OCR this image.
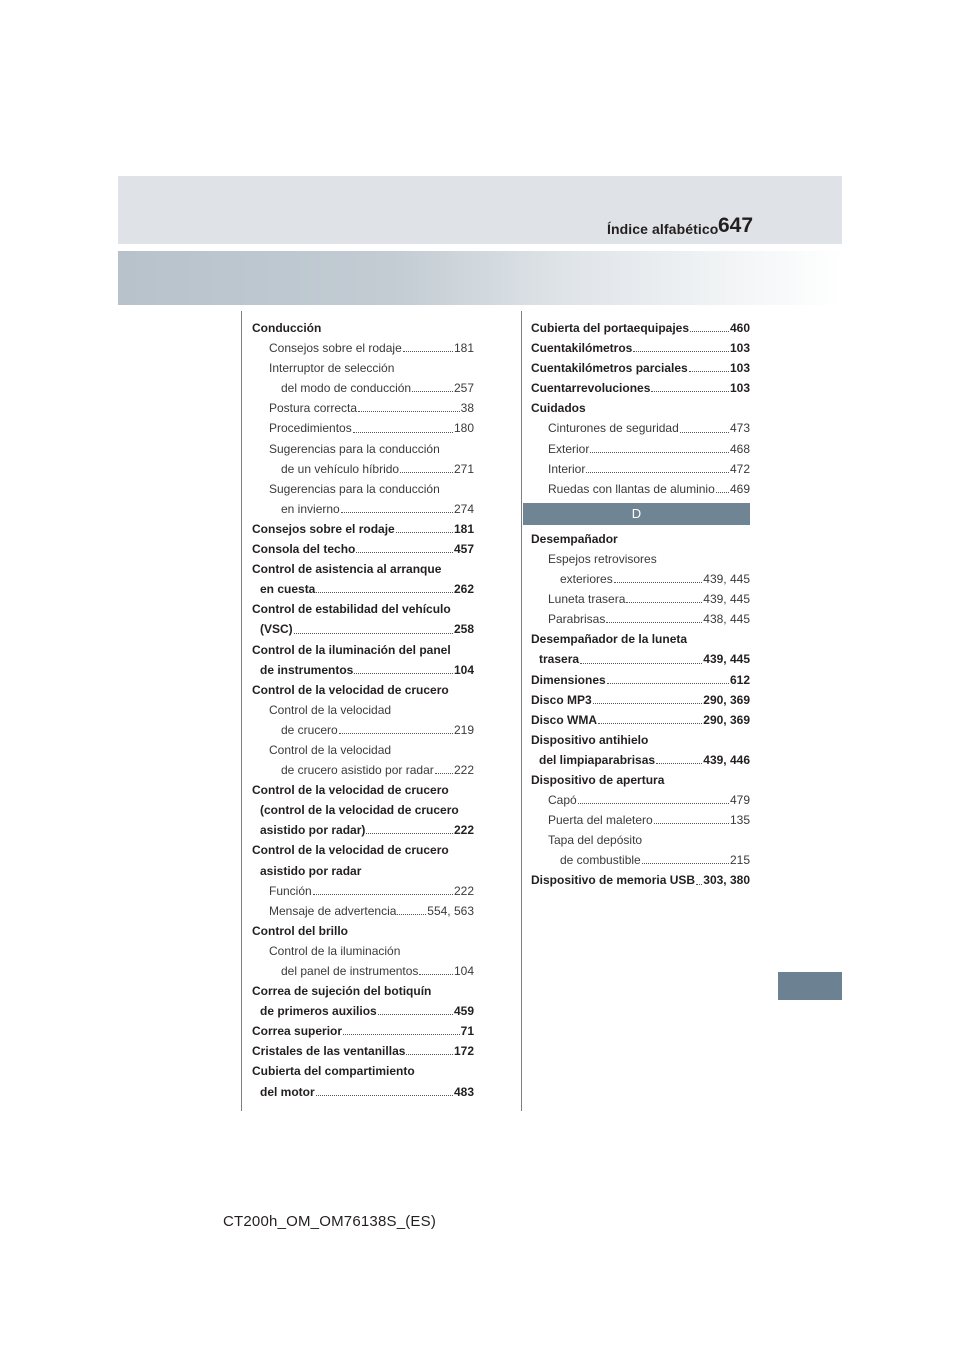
Índice alfabético 647
Conducción
Consejos sobre el rodaje	181
Interruptor de selección
del modo de conducción	257
Postura correcta	38
Procedimientos	180
Sugerencias para la conducción
de un vehículo híbrido	271
Sugerencias para la conducción
en invierno	274
Consejos sobre el rodaje	181
Consola del techo	457
Control de asistencia al arranque
en cuesta	262
Control de estabilidad del vehículo
(VSC)	258
Control de la iluminación del panel
de instrumentos	104
Control de la velocidad de crucero
Control de la velocidad
de crucero	219
Control de la velocidad
de crucero asistido por radar 222
Control de la velocidad de crucero
(control de la velocidad de crucero
asistido por radar)	222
Control de la velocidad de crucero
asistido por radar
Función	222
Mensaje de advertencia	554, 563
Control del brillo
Control de la iluminación
del panel de instrumentos	104
Correa de sujeción del botiquín
de primeros auxilios	459
Correa superior	71
Cristales de las ventanillas	172
Cubierta del compartimiento
del motor	483
Cubierta del portaequipajes	460
Cuentakilómetros	103
Cuentakilómetros parciales	103
Cuentarrevoluciones	103
Cuidados
Cinturones de seguridad	473
Exterior	468
Interior	472
Ruedas con llantas de aluminio 469
D
Desempañador
Espejos retrovisores
exteriores	439, 445
Luneta trasera	439, 445
Parabrisas	438, 445
Desempañador de la luneta
trasera	439, 445
Dimensiones	612
Disco MP3	290, 369
Disco WMA	290, 369
Dispositivo antihielo
del limpiaparabrisas	439, 446
Dispositivo de apertura
Capó	479
Puerta del maletero	135
Tapa del depósito
de combustible	215
Dispositivo de memoria USB 303, 380
CT200h_OM_OM76138S_(ES)
